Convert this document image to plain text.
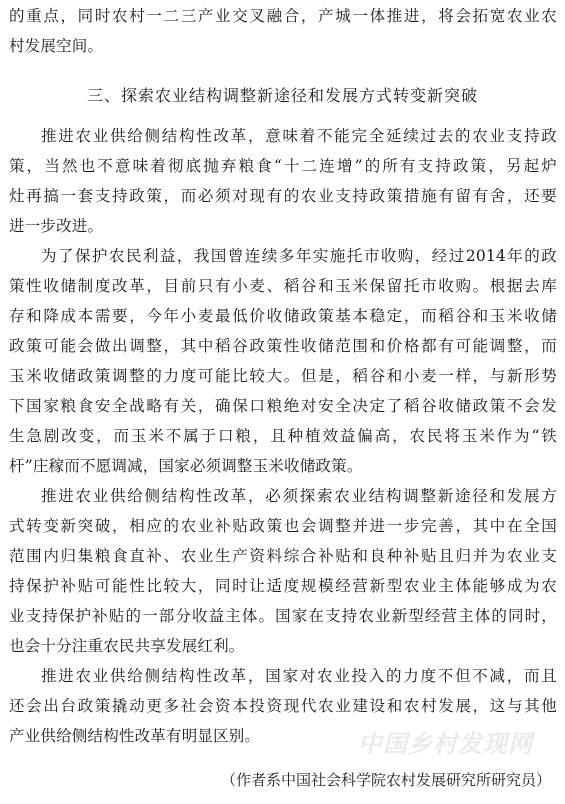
的重点，同时农村一二三产业交叉融合，产城一体推进，将会拓宽农业农
村发展空间。
三、探索农业结构调整新途径和发展方式转变新突破
推进农业供给侧结构性改革，意味着不能完全延续过去的农业支持政
策，当然也不意味着彻底抛弃粮食“十二连增”的所有支持政策，另起炉
灶再搞一套支持政策，而必须对现有的农业支持政策措施有留有舍，还要
进一步改进。
为了保护农民利益，我国曾连续多年实施托市收购，经过2014年的政
策性收储制度改革，目前只有小麦、稻谷和玉米保留托市收购。根据去库
存和降成本需要，今年小麦最低价收储政策基本稳定，而稻谷和玉米收储
政策可能会做出调整，其中稻谷政策性收储范围和价格都有可能调整，而
玉米收储政策调整的力度可能比较大。但是，稻谷和小麦一样，与新形势
下国家粮食安全战略有关，确保口粮绝对安全决定了稻谷收储政策不会发
生急剧改变，而玉米不属于口粮，且种植效益偏高，农民将玉米作为“铁
杆”庄稼而不愿调减，国家必须调整玉米收储政策。
推进农业供给侧结构性改革，必须探索农业结构调整新途径和发展方
式转变新突破，相应的农业补贴政策也会调整并进一步完善，其中在全国
范围内归集粮食直补、农业生产资料综合补贴和良种补贴且归并为农业支
持保护补贴可能性比较大，同时让适度规模经营新型农业主体能够成为农
业支持保护补贴的一部分收益主体。国家在支持农业新型经营主体的同时，
也会十分注重农民共享发展红利。
推进农业供给侧结构性改革，国家对农业投入的力度不但不减，而且
还会出台政策撬动更多社会资本投资现代农业建设和农村发展，这与其他
产业供给侧结构性改革有明显区别。	中国乡村发现网
（作者系中国社会科学院农村发展研究所研究员）
